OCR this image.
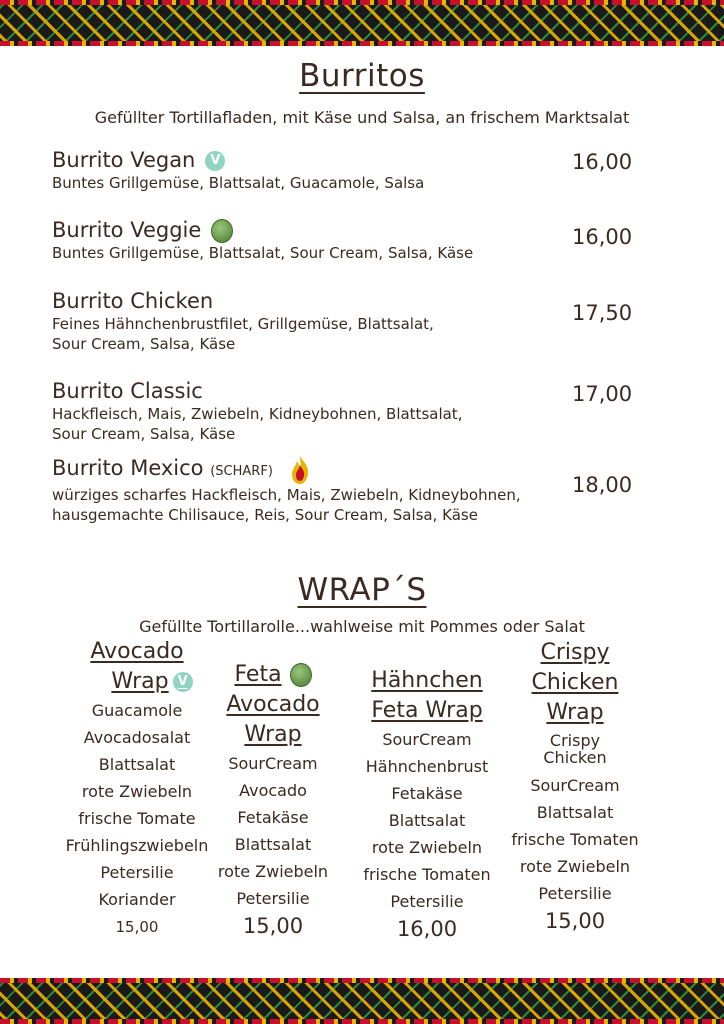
Burritos
Gefüllter Tortillafladen, mit Käse und Salsa, an frischem Marktsalat
Burrito Vegan V
Buntes Grillgemüse, Blattsalat, Guacamole, Salsa
16,00
Burrito Veggie
Buntes Grillgemüse, Blattsalat, Sour Cream, Salsa, Käse
16,00
Burrito Chicken
Feines Hähnchenbrustfilet, Grillgemüse, Blattsalat,
Sour Cream, Salsa, Käse
17,50
Burrito Classic
Hackfleisch, Mais, Zwiebeln, Kidneybohnen, Blattsalat,
Sour Cream, Salsa, Käse
17,00
Burrito Mexico (SCHARF)
würziges scharfes Hackfleisch, Mais, Zwiebeln, Kidneybohnen,
hausgemachte Chilisauce, Reis, Sour Cream, Salsa, Käse
18,00
WRAP´S
Gefüllte Tortillarolle...wahlweise mit Pommes oder Salat
Avocado
Wrap V
Guacamole
Avocadosalat
Blattsalat
rote Zwiebeln
frische Tomate
Frühlingszwiebeln
Petersilie
Koriander
15,00
Feta
Avocado
Wrap
SourCream
Avocado
Fetakäse
Blattsalat
rote Zwiebeln
Petersilie
15,00
Hähnchen
Feta Wrap
SourCream
Hähnchenbrust
Fetakäse
Blattsalat
rote Zwiebeln
frische Tomaten
Petersilie
16,00
Crispy
Chicken
Wrap
Crispy
Chicken
SourCream
Blattsalat
frische Tomaten
rote Zwiebeln
Petersilie
15,00
